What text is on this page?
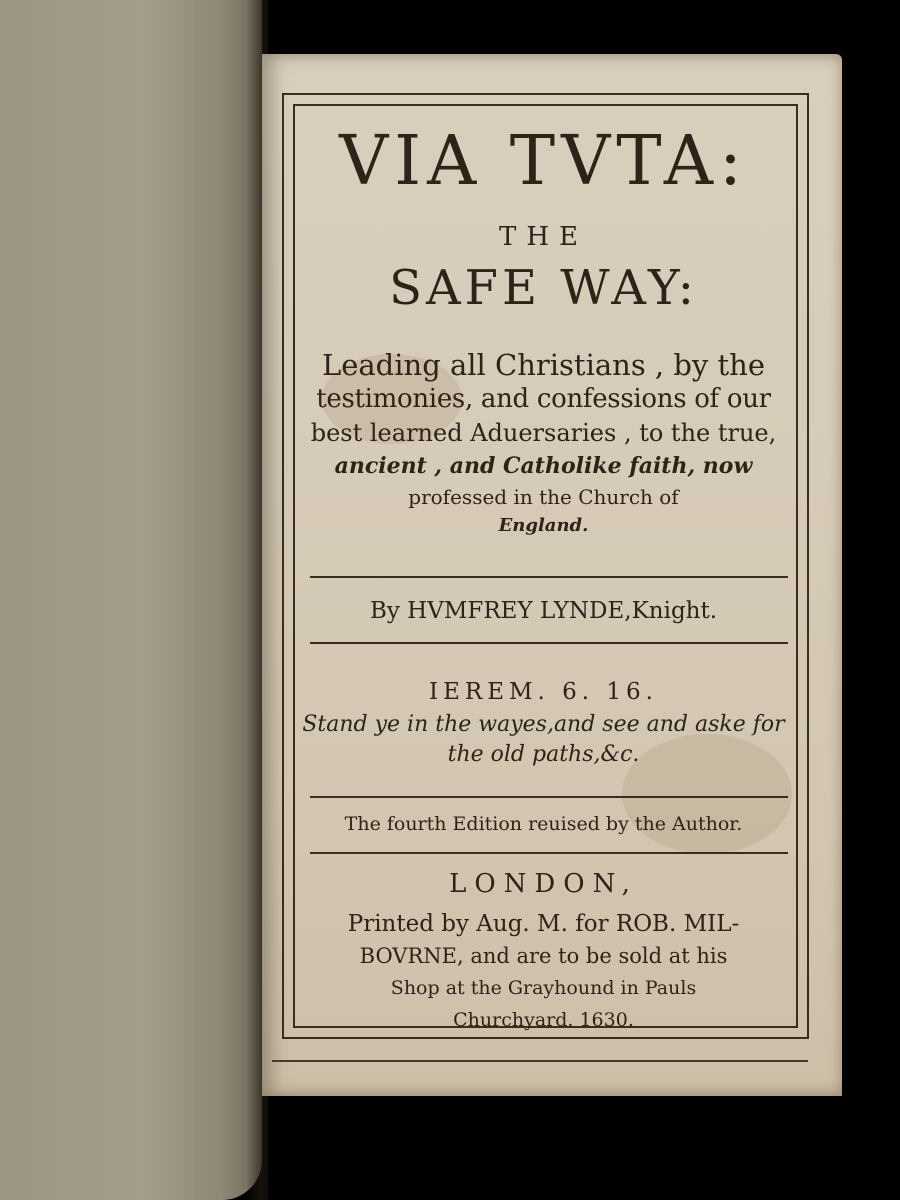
VIA TVTA:

THE

SAFE WAY:

Leading all Christians , by the
testimonies, and confessions of our
best learned Aduersaries , to the true,
ancient , and Catholike faith, now
professed in the Church of
England.

By HVMFREY LYNDE,Knight.

IEREM. 6. 16.

Stand ye in the wayes,and see and aske for
the old paths,&c.

The fourth Edition reuised by the Author.

LONDON,

Printed by Aug. M. for ROB. MIL-
BOVRNE, and are to be sold at his
Shop at the Grayhound in Pauls
Churchyard. 1630.
